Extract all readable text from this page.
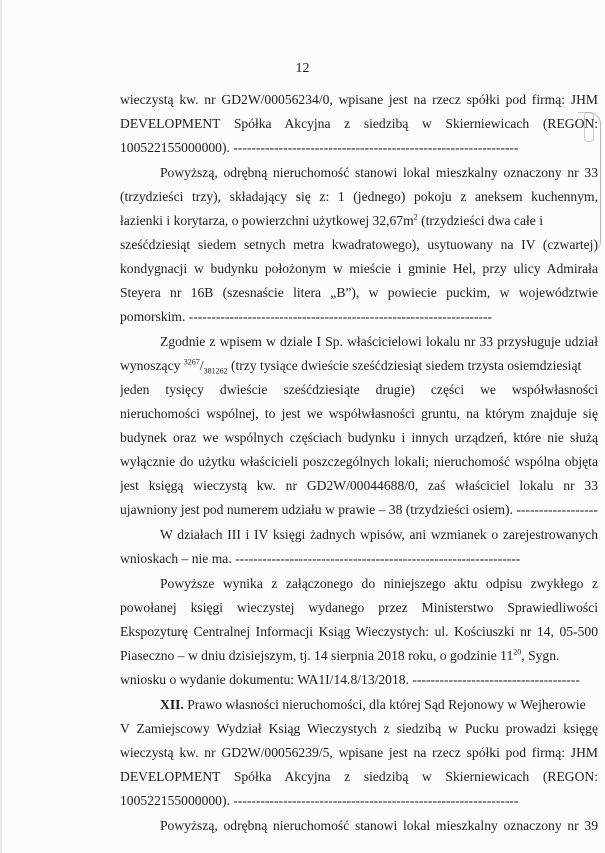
12
wieczystą kw. nr GD2W/00056234/0, wpisane jest na rzecz spółki pod firmą: JHM
DEVELOPMENT Spółka Akcyjna z siedzibą w Skierniewicach (REGON:
100522155000000). ---------------------------------------------------------------
Powyższą, odrębną nieruchomość stanowi lokal mieszkalny oznaczony nr 33
(trzydzieści trzy), składający się z: 1 (jednego) pokoju z aneksem kuchennym,
łazienki i korytarza, o powierzchni użytkowej $32,67m^2$ (trzydzieści dwa całe i
sześćdziesiąt siedem setnych metra kwadratowego), usytuowany na IV (czwartej)
kondygnacji w budynku położonym w mieście i gminie Hel, przy ulicy Admirała
Steyera nr 16B (szesnaście litera „B”), w powiecie puckim, w województwie
pomorskim. -------------------------------------------------------------------
Zgodnie z wpisem w dziale I Sp. właścicielowi lokalu nr 33 przysługuje udział
wynoszący $^{3267}/_{381262}$ (trzy tysiące dwieście sześćdziesiąt siedem trzysta osiemdziesiąt
jeden tysięcy dwieście sześćdziesiąte drugie) części we współwłasności
nieruchomości wspólnej, to jest we współwłasności gruntu, na którym znajduje się
budynek oraz we wspólnych częściach budynku i innych urządzeń, które nie służą
wyłącznie do użytku właścicieli poszczególnych lokali; nieruchomość wspólna objęta
jest księgą wieczystą kw. nr GD2W/00044688/0, zaś właściciel lokalu nr 33
ujawniony jest pod numerem udziału w prawie – 38 (trzydzieści osiem). ------------------
W działach III i IV księgi żadnych wpisów, ani wzmianek o zarejestrowanych
wnioskach – nie ma. ---------------------------------------------------------------
Powyższe wynika z załączonego do niniejszego aktu odpisu zwykłego z
powołanej księgi wieczystej wydanego przez Ministerstwo Sprawiedliwości
Ekspozyturę Centralnej Informacji Ksiąg Wieczystych: ul. Kościuszki nr 14, 05-500
Piaseczno – w dniu dzisiejszym, tj. 14 sierpnia 2018 roku, o godzinie $11^{20}$, Sygn.
wniosku o wydanie dokumentu: WA1I/14.8/13/2018. -------------------------------------
XII. Prawo własności nieruchomości, dla której Sąd Rejonowy w Wejherowie
V Zamiejscowy Wydział Ksiąg Wieczystych z siedzibą w Pucku prowadzi księgę
wieczystą kw. nr GD2W/00056239/5, wpisane jest na rzecz spółki pod firmą: JHM
DEVELOPMENT Spółka Akcyjna z siedzibą w Skierniewicach (REGON:
100522155000000). ---------------------------------------------------------------
Powyższą, odrębną nieruchomość stanowi lokal mieszkalny oznaczony nr 39
